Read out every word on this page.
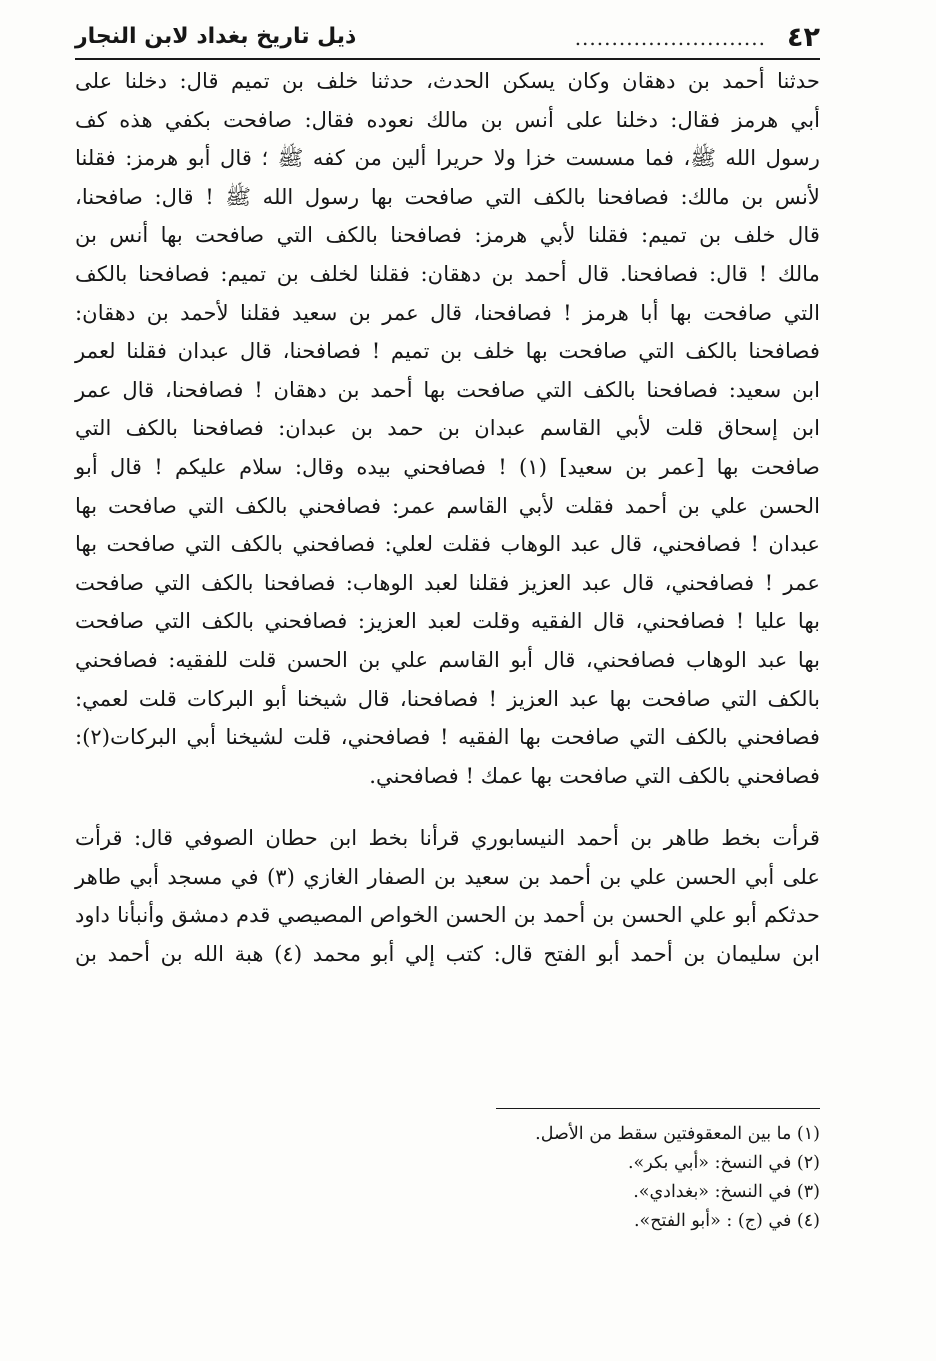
٤٢
..........................
ذيل تاريخ بغداد لابن النجار
حدثنا أحمد بن دهقان وكان يسكن الحدث، حدثنا خلف بن تميم قال: دخلنا على
أبي هرمز فقال: دخلنا على أنس بن مالك نعوده فقال: صافحت بكفي هذه كف
رسول الله ﷺ، فما مسست خزا ولا حريرا ألين من كفه ﷺ ؛ قال أبو هرمز: فقلنا
لأنس بن مالك: فصافحنا بالكف التي صافحت بها رسول الله ﷺ ! قال: صافحنا،
قال خلف بن تميم: فقلنا لأبي هرمز: فصافحنا بالكف التي صافحت بها أنس بن
مالك ! قال: فصافحنا. قال أحمد بن دهقان: فقلنا لخلف بن تميم: فصافحنا بالكف
التي صافحت بها أبا هرمز ! فصافحنا، قال عمر بن سعيد فقلنا لأحمد بن دهقان:
فصافحنا بالكف التي صافحت بها خلف بن تميم ! فصافحنا، قال عبدان فقلنا لعمر
ابن سعيد: فصافحنا بالكف التي صافحت بها أحمد بن دهقان ! فصافحنا، قال عمر
ابن إسحاق قلت لأبي القاسم عبدان بن حمد بن عبدان: فصافحنا بالكف التي
صافحت بها [عمر بن سعيد] (١) ! فصافحني بيده وقال: سلام عليكم ! قال أبو
الحسن علي بن أحمد فقلت لأبي القاسم عمر: فصافحني بالكف التي صافحت بها
عبدان ! فصافحني، قال عبد الوهاب فقلت لعلي: فصافحني بالكف التي صافحت بها
عمر ! فصافحني، قال عبد العزيز فقلنا لعبد الوهاب: فصافحنا بالكف التي صافحت
بها عليا ! فصافحني، قال الفقيه وقلت لعبد العزيز: فصافحني بالكف التي صافحت
بها عبد الوهاب فصافحني، قال أبو القاسم علي بن الحسن قلت للفقيه: فصافحني
بالكف التي صافحت بها عبد العزيز ! فصافحنا، قال شيخنا أبو البركات قلت لعمي:
فصافحني بالكف التي صافحت بها الفقيه ! فصافحني، قلت لشيخنا أبي البركات(٢):
فصافحني بالكف التي صافحت بها عمك ! فصافحني.
قرأت بخط طاهر بن أحمد النيسابوري قرأنا بخط ابن حطان الصوفي قال: قرأت
على أبي الحسن علي بن أحمد بن سعيد بن الصفار الغازي (٣) في مسجد أبي طاهر
حدثكم أبو علي الحسن بن أحمد بن الحسن الخواص المصيصي قدم دمشق وأنبأنا داود
ابن سليمان بن أحمد أبو الفتح قال: كتب إلي أبو محمد (٤) هبة الله بن أحمد بن
(١) ما بين المعقوفتين سقط من الأصل.
(٢) في النسخ: «أبي بكر».
(٣) في النسخ: «بغدادي».
(٤) في (ج) : «أبو الفتح».
